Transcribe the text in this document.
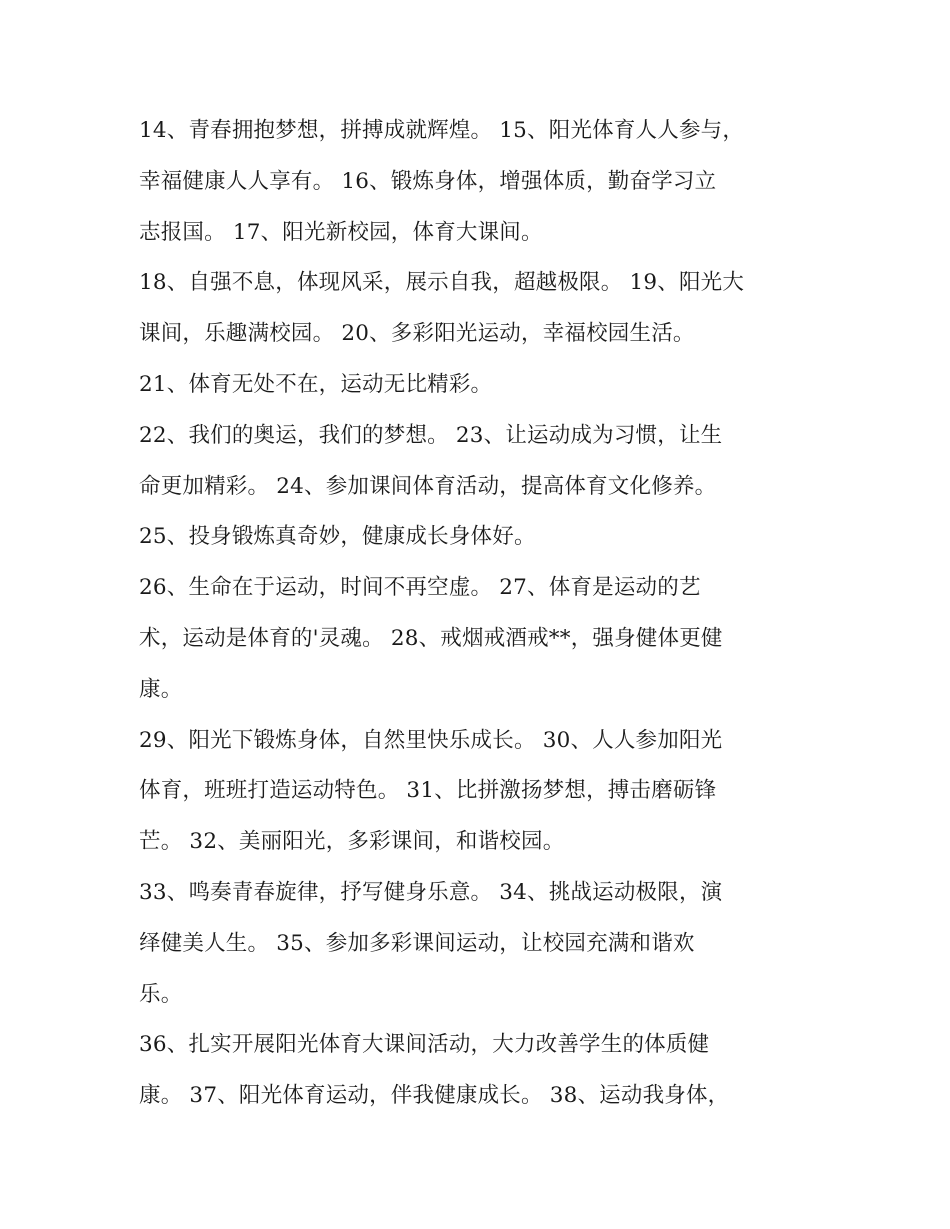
14、青春拥抱梦想，拼搏成就辉煌。 15、阳光体育人人参与，
幸福健康人人享有。 16、锻炼身体，增强体质，勤奋学习立
志报国。 17、阳光新校园，体育大课间。
18、自强不息，体现风采，展示自我，超越极限。 19、阳光大
课间，乐趣满校园。 20、多彩阳光运动，幸福校园生活。
21、体育无处不在，运动无比精彩。
22、我们的奥运，我们的梦想。 23、让运动成为习惯，让生
命更加精彩。 24、参加课间体育活动，提高体育文化修养。
25、投身锻炼真奇妙，健康成长身体好。
26、生命在于运动，时间不再空虚。 27、体育是运动的艺
术，运动是体育的'灵魂。 28、戒烟戒酒戒**，强身健体更健
康。
29、阳光下锻炼身体，自然里快乐成长。 30、人人参加阳光
体育，班班打造运动特色。 31、比拼激扬梦想，搏击磨砺锋
芒。 32、美丽阳光，多彩课间，和谐校园。
33、鸣奏青春旋律，抒写健身乐意。 34、挑战运动极限，演
绎健美人生。 35、参加多彩课间运动，让校园充满和谐欢
乐。
36、扎实开展阳光体育大课间活动，大力改善学生的体质健
康。 37、阳光体育运动，伴我健康成长。 38、运动我身体，
